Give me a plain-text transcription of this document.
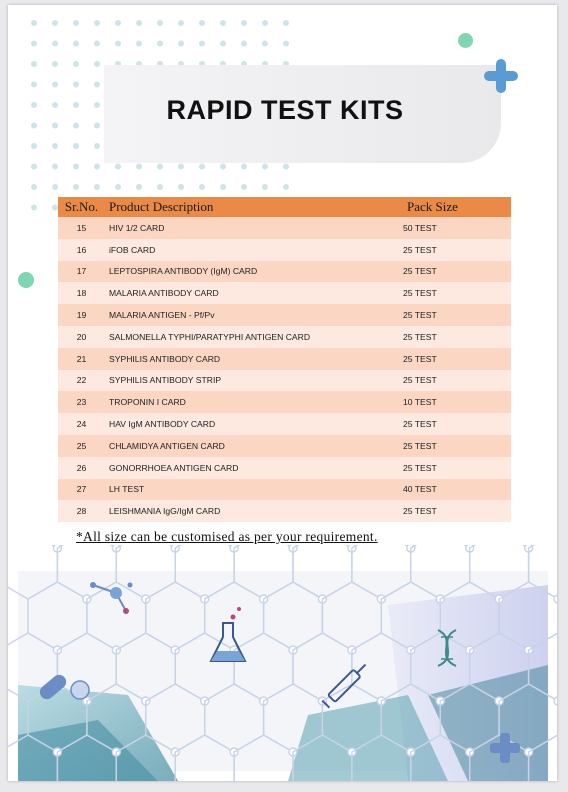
RAPID TEST KITS
Sr.No.	Product Description	Pack Size
15	HIV 1/2 CARD	50 TEST
16	iFOB CARD	25 TEST
17	LEPTOSPIRA ANTIBODY (IgM) CARD	25 TEST
18	MALARIA ANTIBODY CARD	25 TEST
19	MALARIA ANTIGEN - Pf/Pv	25 TEST
20	SALMONELLA TYPHI/PARATYPHI ANTIGEN CARD	25 TEST
21	SYPHILIS ANTIBODY CARD	25 TEST
22	SYPHILIS ANTIBODY STRIP	25 TEST
23	TROPONIN I CARD	10 TEST
24	HAV IgM ANTIBODY CARD	25 TEST
25	CHLAMIDYA ANTIGEN CARD	25 TEST
26	GONORRHOEA ANTIGEN CARD	25 TEST
27	LH TEST	40 TEST
28	LEISHMANIA IgG/IgM CARD	25 TEST
*All size can be customised as per your requirement.
